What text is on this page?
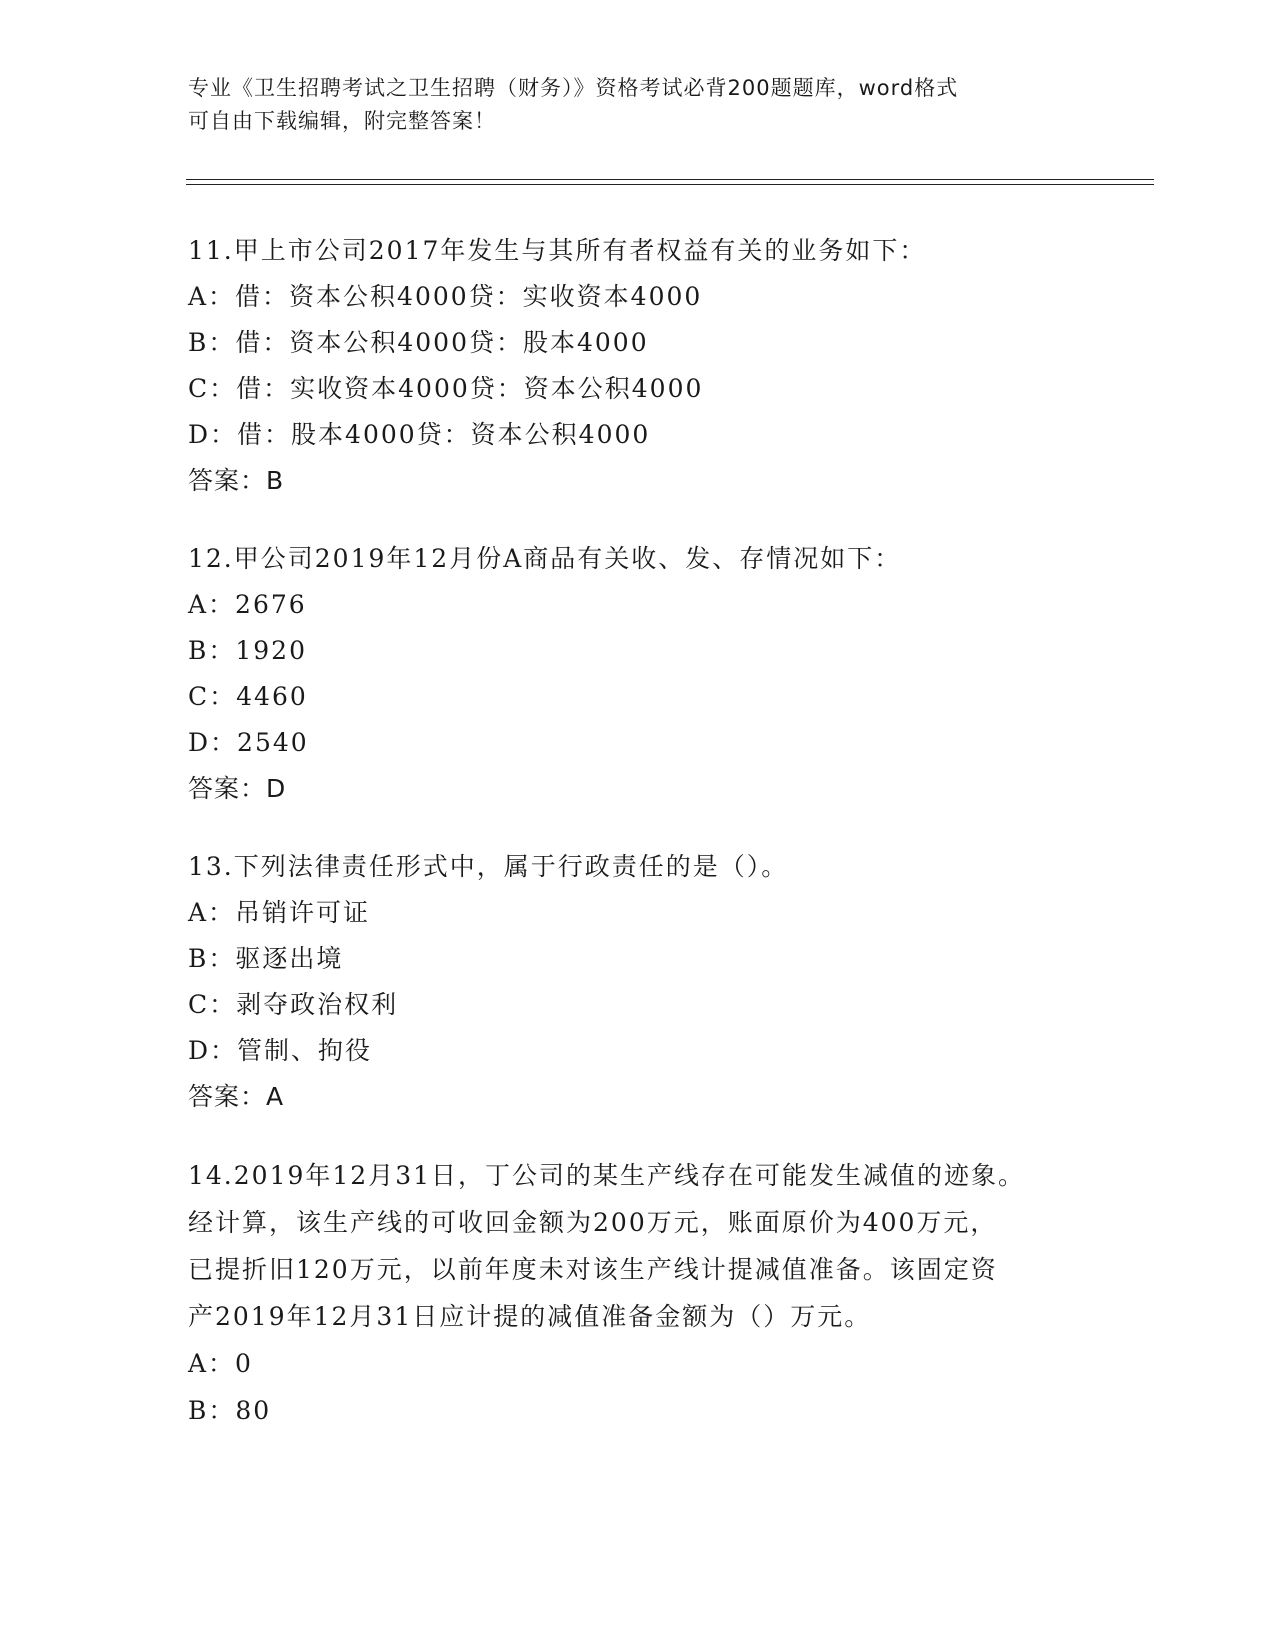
专业《卫生招聘考试之卫生招聘（财务）》资格考试必背200题题库，word格式
可自由下载编辑，附完整答案！
11.甲上市公司2017年发生与其所有者权益有关的业务如下：
A：借：资本公积4000贷：实收资本4000
B：借：资本公积4000贷：股本4000
C：借：实收资本4000贷：资本公积4000
D：借：股本4000贷：资本公积4000
答案：B
12.甲公司2019年12月份A商品有关收、发、存情况如下：
A：2676
B：1920
C：4460
D：2540
答案：D
13.下列法律责任形式中，属于行政责任的是（）。
A：吊销许可证
B：驱逐出境
C：剥夺政治权利
D：管制、拘役
答案：A
14.2019年12月31日，丁公司的某生产线存在可能发生减值的迹象。
经计算，该生产线的可收回金额为200万元，账面原价为400万元，
已提折旧120万元，以前年度未对该生产线计提减值准备。该固定资
产2019年12月31日应计提的减值准备金额为（）万元。
A：0
B：80
